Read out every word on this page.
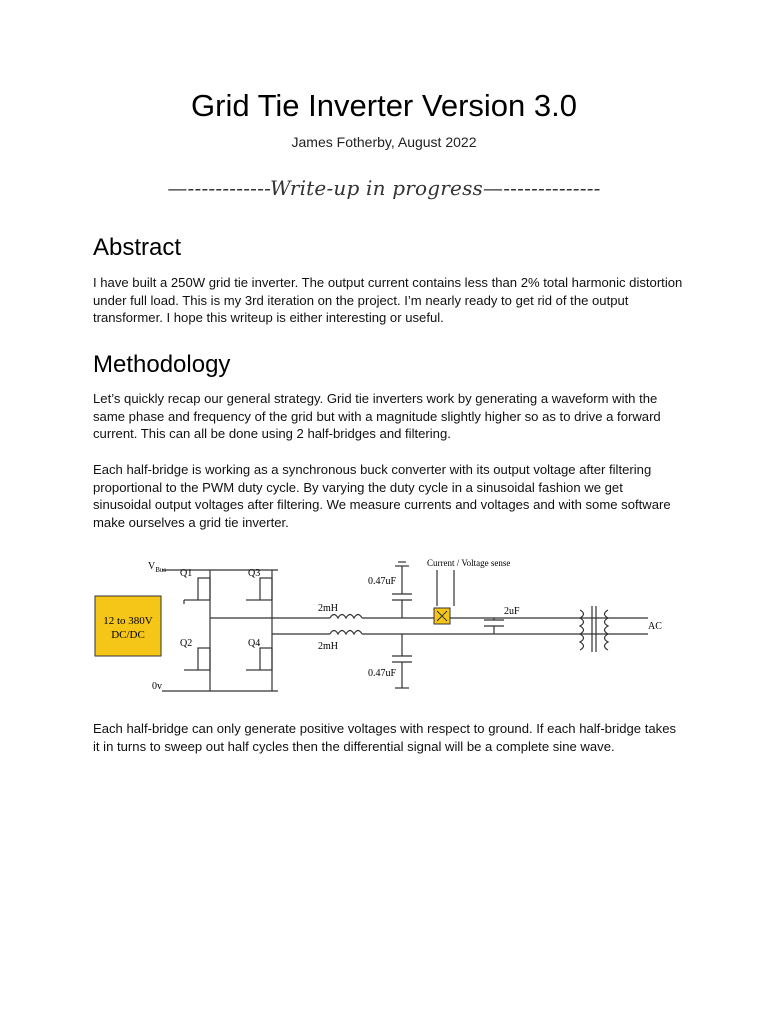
Grid Tie Inverter Version 3.0
James Fotherby, August 2022
—------------Write-up in progress—--------------
Abstract

I have built a 250W grid tie inverter. The output current contains less than 2% total harmonic distortion under full load. This is my 3rd iteration on the project. I’m nearly ready to get rid of the output transformer. I hope this writeup is either interesting or useful.

Methodology

Let’s quickly recap our general strategy. Grid tie inverters work by generating a waveform with the same phase and frequency of the grid but with a magnitude slightly higher so as to drive a forward current. This can all be done using 2 half-bridges and filtering.

Each half-bridge is working as a synchronous buck converter with its output voltage after filtering proportional to the PWM duty cycle. By varying the duty cycle in a sinusoidal fashion we get sinusoidal output voltages after filtering. We measure currents and voltages and with some software make ourselves a grid tie inverter.

$V_{Bus}$
0v
12 to 380V
DC/DC
Q1	Q3
Q2	Q4
2mH
2mH
0.47uF
0.47uF
Current / Voltage sense
2uF
AC

Each half-bridge can only generate positive voltages with respect to ground. If each half-bridge takes it in turns to sweep out half cycles then the differential signal will be a complete sine wave.
